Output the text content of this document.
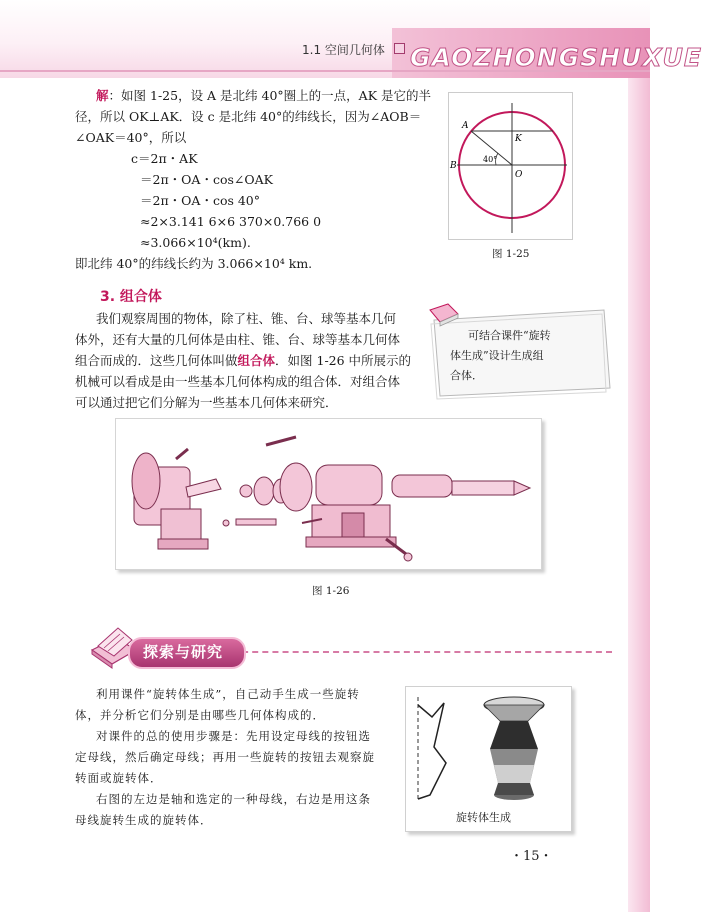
1.1 空间几何体 GAOZHONGSHUXUE
解：如图 1-25，设 A 是北纬 40°圈上的一点，AK 是它的半
径，所以 OK⊥AK．设 c 是北纬 40°的纬线长，因为∠AOB＝
∠OAK＝40°，所以
c＝2π・AK
＝2π・OA・cos∠OAK
＝2π・OA・cos 40°
≈2×3.141 6×6 370×0.766 0
≈3.066×10⁴(km).
即北纬 40°的纬线长约为 3.066×10⁴ km.
A
K
B
O
40°
图 1-25
3. 组合体
我们观察周围的物体，除了柱、锥、台、球等基本几何
体外，还有大量的几何体是由柱、锥、台、球等基本几何体
组合而成的．这些几何体叫做组合体．如图 1-26 中所展示的
机械可以看成是由一些基本几何体构成的组合体．对组合体
可以通过把它们分解为一些基本几何体来研究．
可结合课件“旋转
体生成”设计生成组
合体．
图 1-26
探索与研究
利用课件“旋转体生成”，自己动手生成一些旋转
体，并分析它们分别是由哪些几何体构成的．
对课件的总的使用步骤是：先用设定母线的按钮选
定母线，然后确定母线；再用一些旋转的按钮去观察旋
转面或旋转体．
右图的左边是轴和选定的一种母线，右边是用这条
母线旋转生成的旋转体．	旋转体生成
・15・
